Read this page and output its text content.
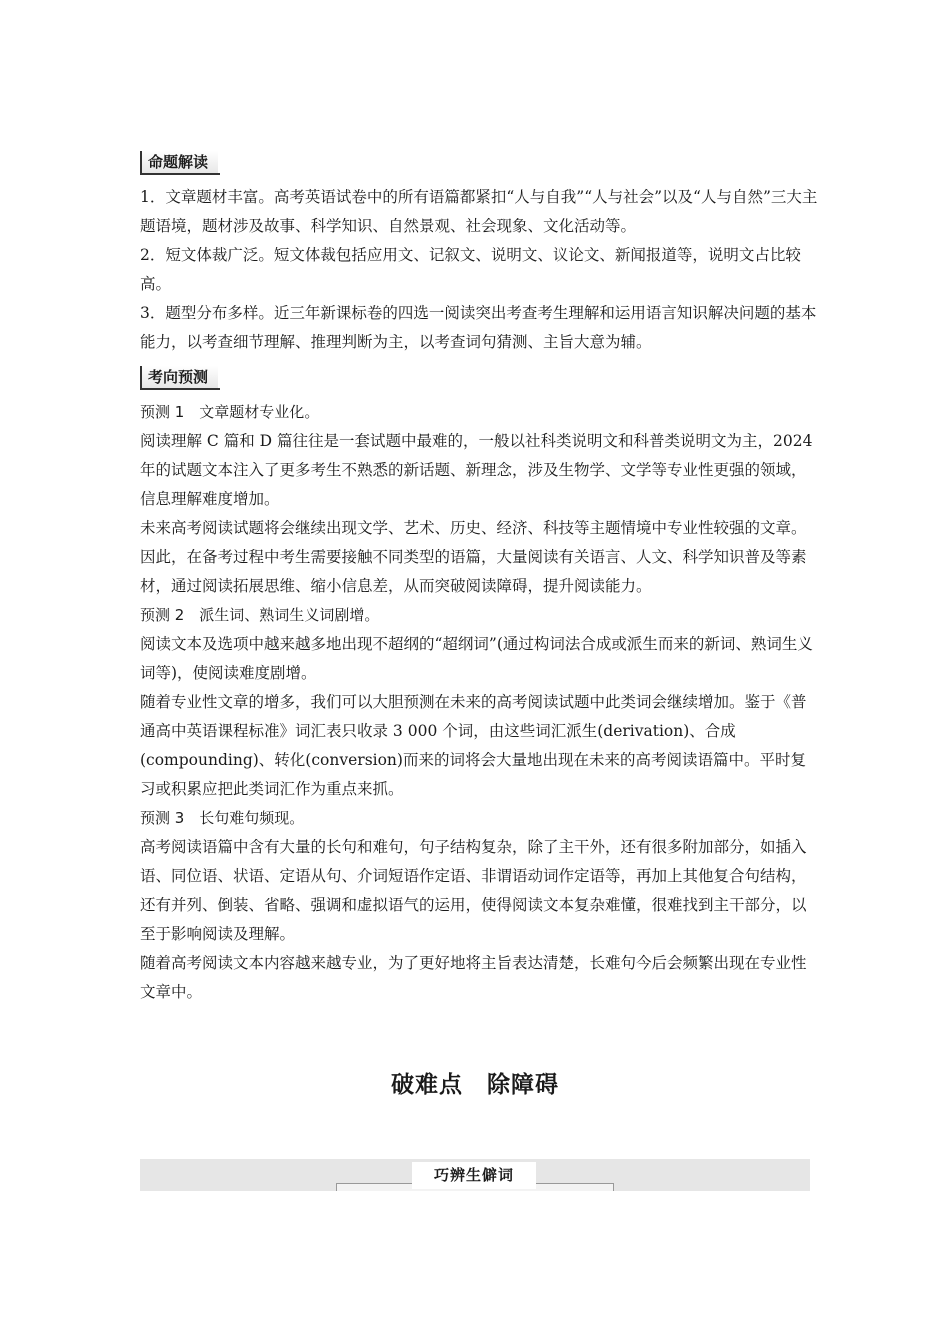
命题解读

1．文章题材丰富。高考英语试卷中的所有语篇都紧扣“人与自我”“人与社会”以及“人与自然”三大主题语境，题材涉及故事、科学知识、自然景观、社会现象、文化活动等。

2．短文体裁广泛。短文体裁包括应用文、记叙文、说明文、议论文、新闻报道等，说明文占比较高。

3．题型分布多样。近三年新课标卷的四选一阅读突出考查考生理解和运用语言知识解决问题的基本能力，以考查细节理解、推理判断为主，以考查词句猜测、主旨大意为辅。

考向预测

预测 1　文章题材专业化。

阅读理解 C 篇和 D 篇往往是一套试题中最难的，一般以社科类说明文和科普类说明文为主，2024 年的试题文本注入了更多考生不熟悉的新话题、新理念，涉及生物学、文学等专业性更强的领域，信息理解难度增加。

未来高考阅读试题将会继续出现文学、艺术、历史、经济、科技等主题情境中专业性较强的文章。因此，在备考过程中考生需要接触不同类型的语篇，大量阅读有关语言、人文、科学知识普及等素材，通过阅读拓展思维、缩小信息差，从而突破阅读障碍，提升阅读能力。

预测 2　派生词、熟词生义词剧增。

阅读文本及选项中越来越多地出现不超纲的“超纲词”(通过构词法合成或派生而来的新词、熟词生义词等)，使阅读难度剧增。

随着专业性文章的增多，我们可以大胆预测在未来的高考阅读试题中此类词会继续增加。鉴于《普通高中英语课程标准》词汇表只收录 3 000 个词，由这些词汇派生(derivation)、合成(compounding)、转化(conversion)而来的词将会大量地出现在未来的高考阅读语篇中。平时复习或积累应把此类词汇作为重点来抓。

预测 3　长句难句频现。

高考阅读语篇中含有大量的长句和难句，句子结构复杂，除了主干外，还有很多附加部分，如插入语、同位语、状语、定语从句、介词短语作定语、非谓语动词作定语等，再加上其他复合句结构，还有并列、倒装、省略、强调和虚拟语气的运用，使得阅读文本复杂难懂，很难找到主干部分，以至于影响阅读及理解。

随着高考阅读文本内容越来越专业，为了更好地将主旨表达清楚，长难句今后会频繁出现在专业性文章中。

破难点　除障碍
巧辨生僻词
